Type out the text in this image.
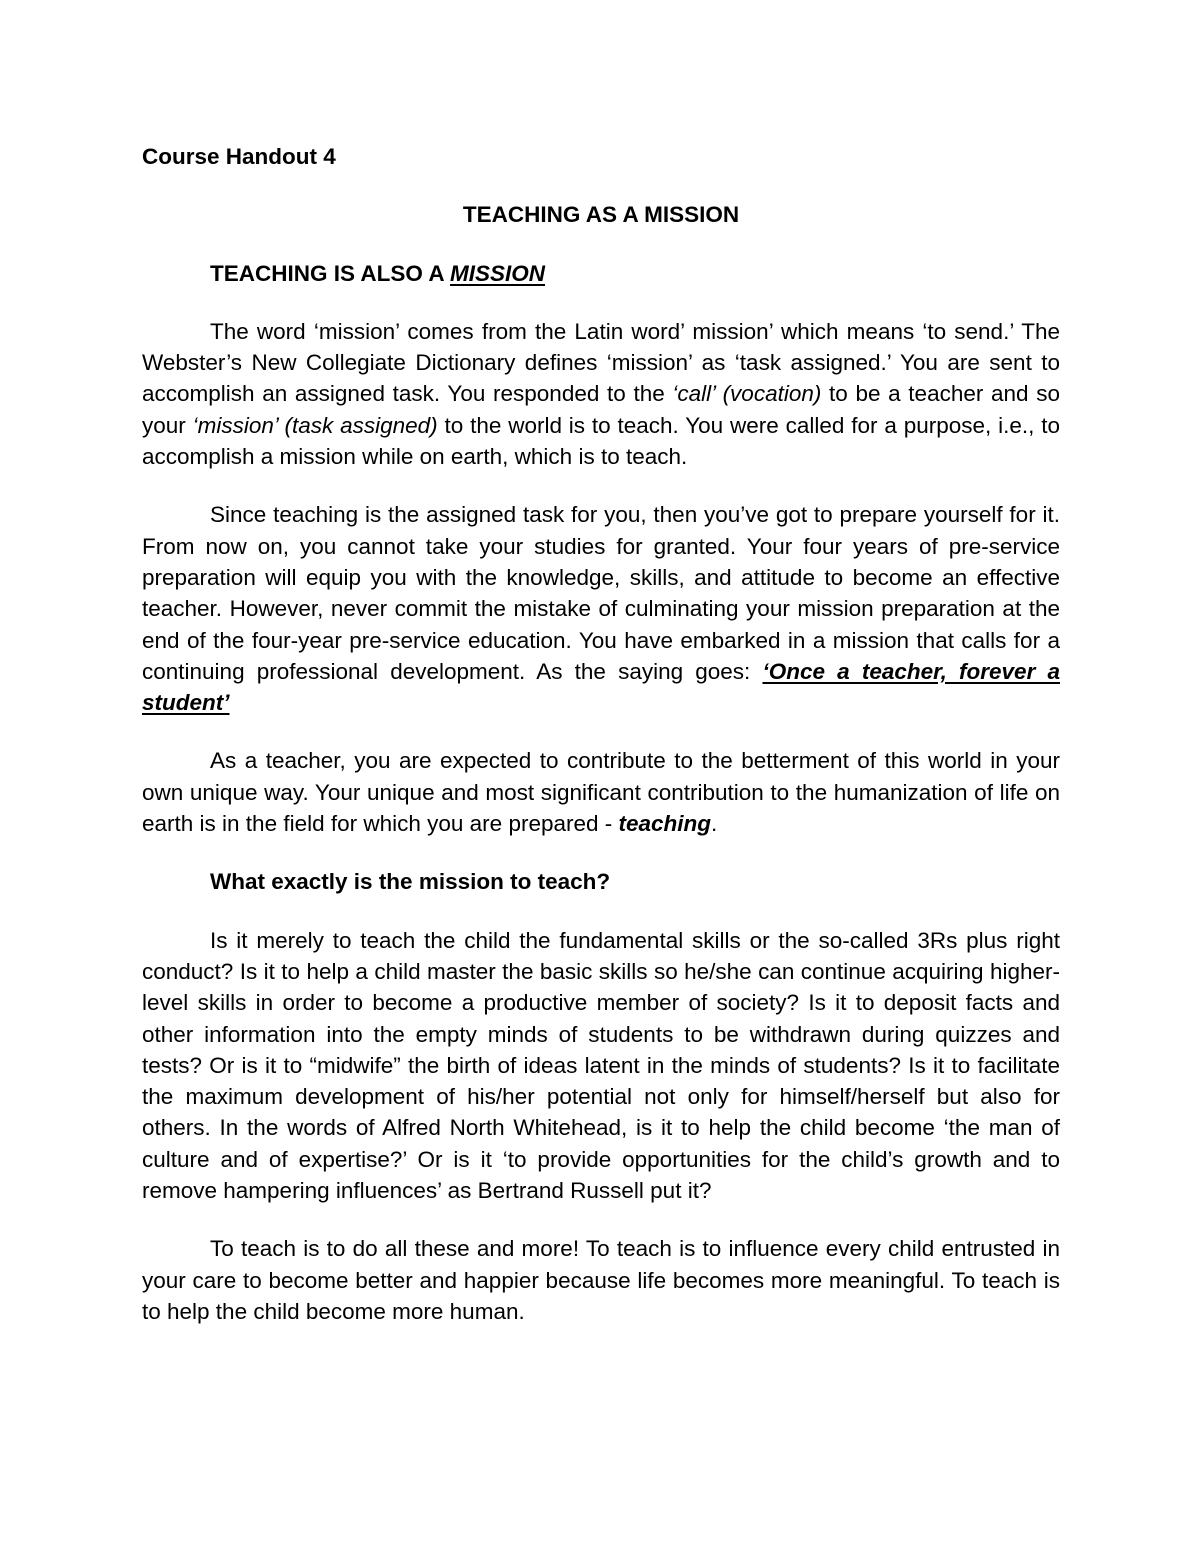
Course Handout 4
TEACHING AS A MISSION
TEACHING IS ALSO A MISSION

The word ‘mission’ comes from the Latin word’ mission’ which means ‘to send.’ The Webster’s New Collegiate Dictionary defines ‘mission’ as ‘task assigned.’ You are sent to accomplish an assigned task. You responded to the ‘call’ (vocation) to be a teacher and so your ‘mission’ (task assigned) to the world is to teach. You were called for a purpose, i.e., to accomplish a mission while on earth, which is to teach.

Since teaching is the assigned task for you, then you’ve got to prepare yourself for it. From now on, you cannot take your studies for granted. Your four years of pre-service preparation will equip you with the knowledge, skills, and attitude to become an effective teacher. However, never commit the mistake of culminating your mission preparation at the end of the four-year pre-service education. You have embarked in a mission that calls for a continuing professional development. As the saying goes: ‘Once a teacher, forever a student’

As a teacher, you are expected to contribute to the betterment of this world in your own unique way. Your unique and most significant contribution to the humanization of life on earth is in the field for which you are prepared - teaching.

What exactly is the mission to teach?

Is it merely to teach the child the fundamental skills or the so-called 3Rs plus right conduct? Is it to help a child master the basic skills so he/she can continue acquiring higher-level skills in order to become a productive member of society? Is it to deposit facts and other information into the empty minds of students to be withdrawn during quizzes and tests? Or is it to “midwife” the birth of ideas latent in the minds of students? Is it to facilitate the maximum development of his/her potential not only for himself/herself but also for others. In the words of Alfred North Whitehead, is it to help the child become ‘the man of culture and of expertise?’ Or is it ‘to provide opportunities for the child’s growth and to remove hampering influences’ as Bertrand Russell put it?

To teach is to do all these and more! To teach is to influence every child entrusted in your care to become better and happier because life becomes more meaningful. To teach is to help the child become more human.
